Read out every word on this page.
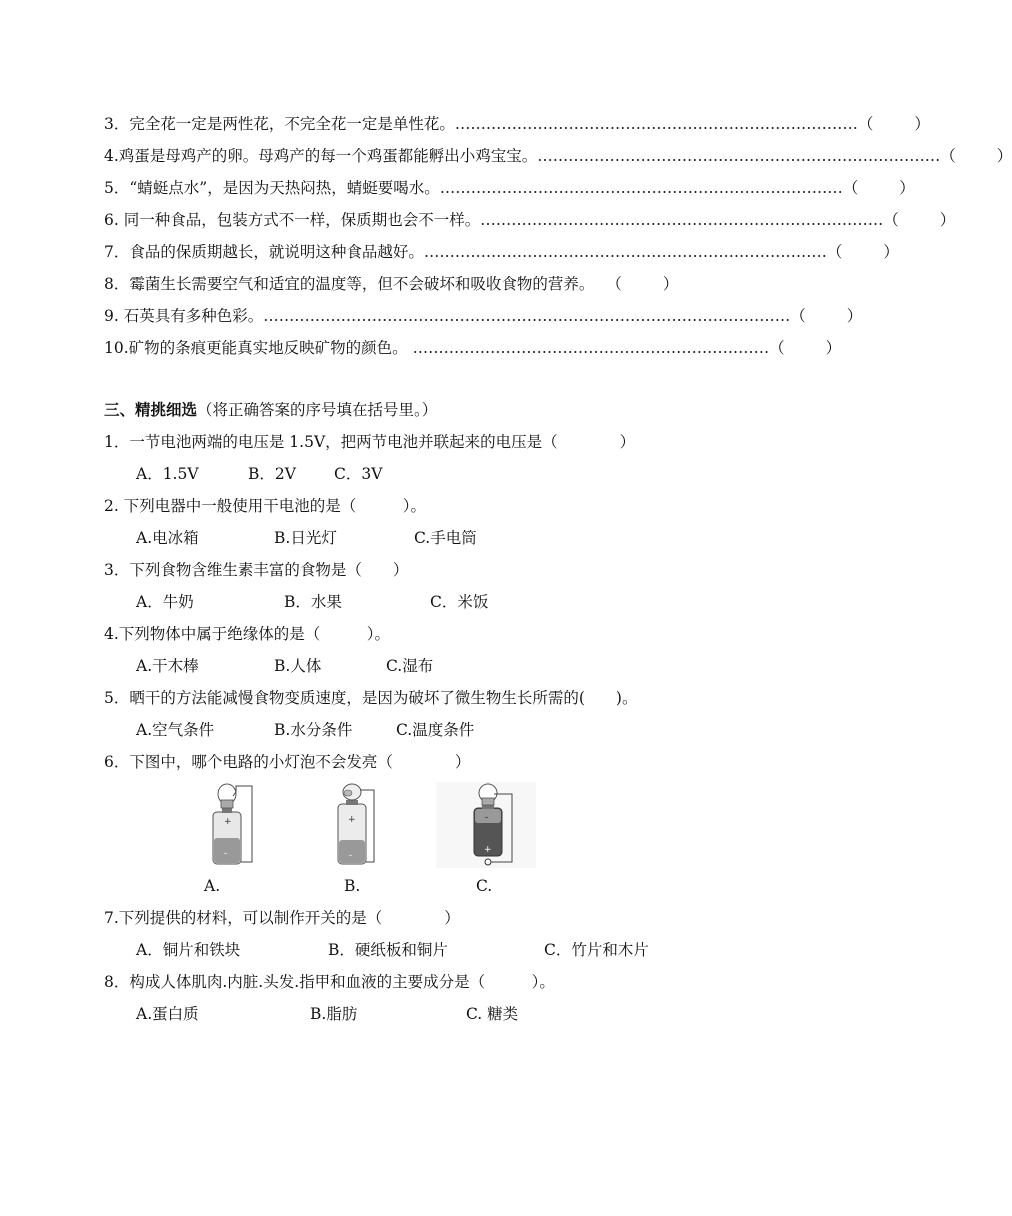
3．完全花一定是两性花，不完全花一定是单性花。 …………………………………………………………………… （	）
4.鸡蛋是母鸡产的卵。母鸡产的每一个鸡蛋都能孵出小鸡宝宝。 …………………………………………………………………… （	）
5．“蜻蜓点水”，是因为天热闷热，蜻蜓要喝水。 …………………………………………………………………… （	）
6. 同一种食品，包装方式不一样，保质期也会不一样。 …………………………………………………………………… （	）
7．食品的保质期越长，就说明这种食品越好。 …………………………………………………………………… （	）
8．霉菌生长需要空气和适宜的温度等，但不会破坏和吸收食物的营养。 （	）
9. 石英具有多种色彩。 ………………………………………………………………………………………… （	）
10.矿物的条痕更能真实地反映矿物的颜色。 …………………………………………………………… （	）
三、精挑细选（将正确答案的序号填在括号里。）
1．一节电池两端的电压是 1.5V，把两节电池并联起来的电压是（　　　　）
A．1.5V	B．2V C．3V
2. 下列电器中一般使用干电池的是（　　　）。
A.电冰箱	B.日光灯	C.手电筒
3．下列食物含维生素丰富的食物是（　　）
A．牛奶	B．水果	C．米饭
4.下列物体中属于绝缘体的是（　　　）。
A.干木棒	B.人体	C.湿布
5．晒干的方法能减慢食物变质速度，是因为破坏了微生物生长所需的(　　)。
A.空气条件	B.水分条件	C.温度条件
6．下图中，哪个电路的小灯泡不会发亮（　　　　）
+
-
A.
+
-
B.
-
+
C.
7.下列提供的材料，可以制作开关的是（　　　　）
A．铜片和铁块	B．硬纸板和铜片	C．竹片和木片
8．构成人体肌肉.内脏.头发.指甲和血液的主要成分是（　　　）。
A.蛋白质	B.脂肪	C. 糖类
